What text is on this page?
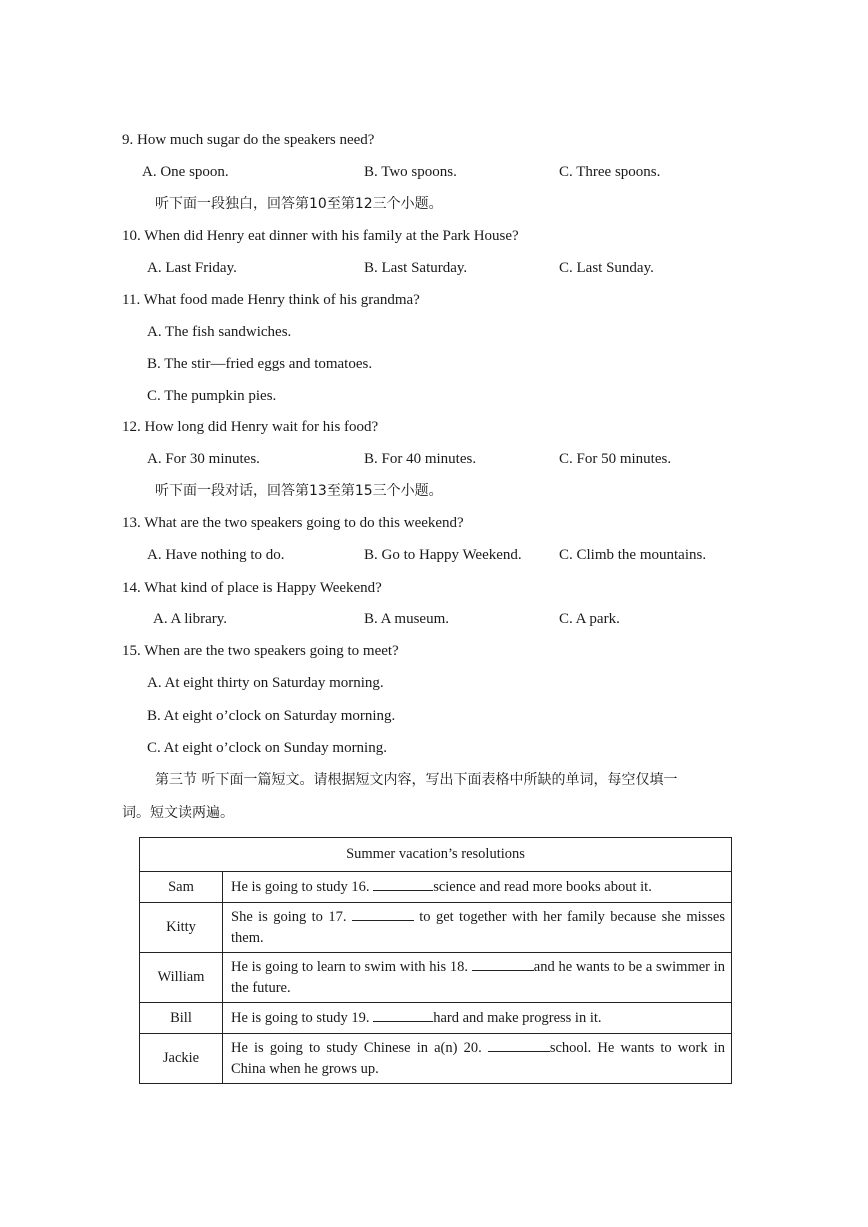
9. How much sugar do the speakers need?
A. One spoon.	B. Two spoons.	C. Three spoons.
听下面一段独白，回答第10至第12三个小题。
10. When did Henry eat dinner with his family at the Park House?
A. Last Friday.	B. Last Saturday.	C. Last Sunday.
11. What food made Henry think of his grandma?
A. The fish sandwiches.
B. The stir—fried eggs and tomatoes.
C. The pumpkin pies.
12. How long did Henry wait for his food?
A. For 30 minutes.	B. For 40 minutes.	C. For 50 minutes.
听下面一段对话，回答第13至第15三个小题。
13. What are the two speakers going to do this weekend?
A. Have nothing to do.	B. Go to Happy Weekend. C. Climb the mountains.
14. What kind of place is Happy Weekend?
A. A library.	B. A museum.	C. A park.
15. When are the two speakers going to meet?
A. At eight thirty on Saturday morning.
B. At eight o’clock on Saturday morning.
C. At eight o’clock on Sunday morning.
第三节 听下面一篇短文。请根据短文内容，写出下面表格中所缺的单词，每空仅填一
词。短文读两遍。
Summer vacation’s resolutions	
Sam	He is going to study 16. science and read more books about it.
Kitty	She is going to 17. to get together with her family because she misses them.
William	He is going to learn to swim with his 18. and he wants to be a swimmer in the future.
Bill	He is going to study 19. hard and make progress in it.
Jackie	He is going to study Chinese in a(n) 20. school. He wants to work in China when he grows up.
